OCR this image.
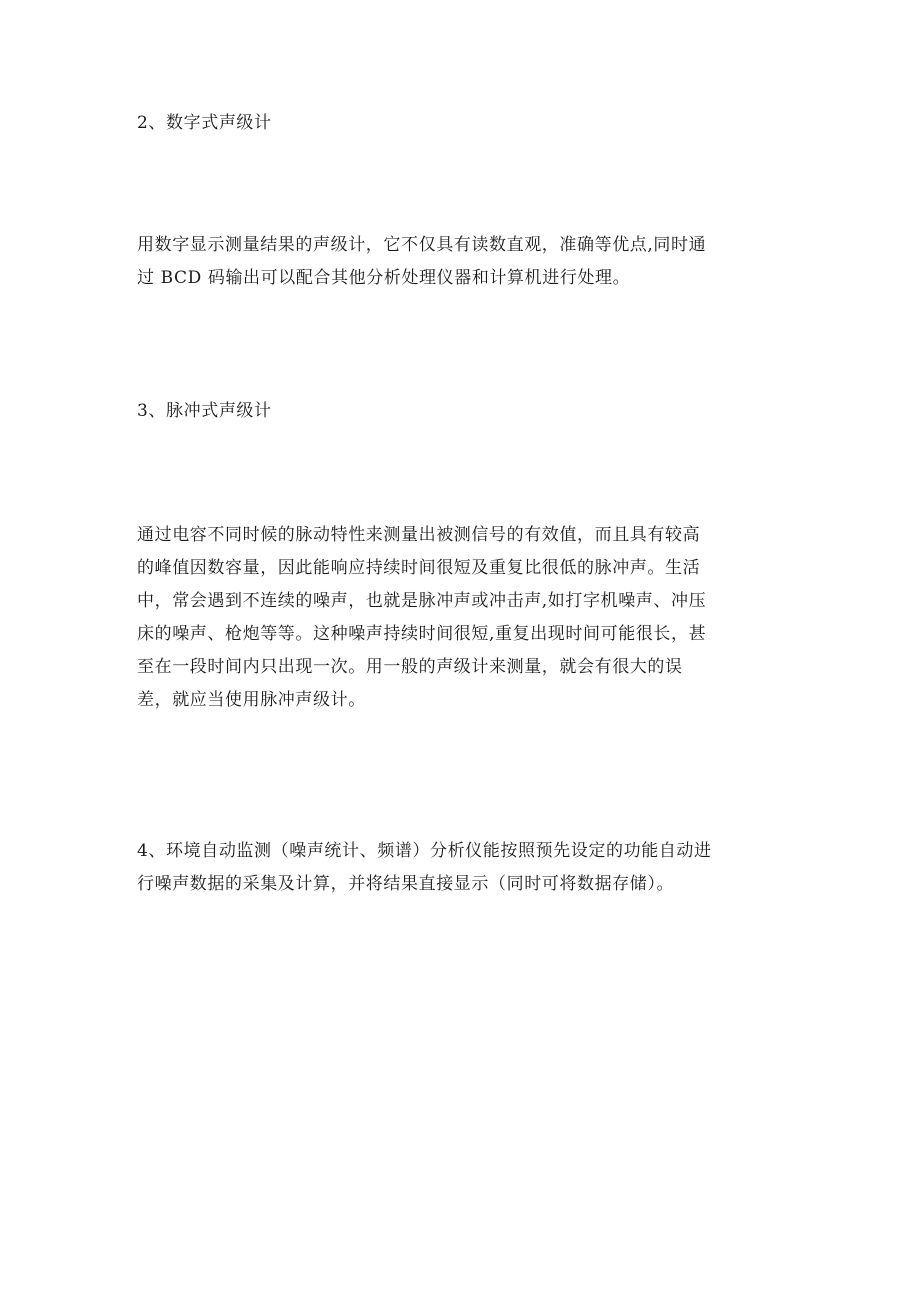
2、数字式声级计
用数字显示测量结果的声级计，它不仅具有读数直观，准确等优点,同时通
过 BCD 码输出可以配合其他分析处理仪器和计算机进行处理。
3、脉冲式声级计
通过电容不同时候的脉动特性来测量出被测信号的有效值，而且具有较高
的峰值因数容量，因此能响应持续时间很短及重复比很低的脉冲声。生活
中，常会遇到不连续的噪声，也就是脉冲声或冲击声,如打字机噪声、冲压
床的噪声、枪炮等等。这种噪声持续时间很短,重复出现时间可能很长，甚
至在一段时间内只出现一次。用一般的声级计来测量，就会有很大的误
差，就应当使用脉冲声级计。
4、环境自动监测（噪声统计、频谱）分析仪能按照预先设定的功能自动进
行噪声数据的采集及计算，并将结果直接显示（同时可将数据存储）。
